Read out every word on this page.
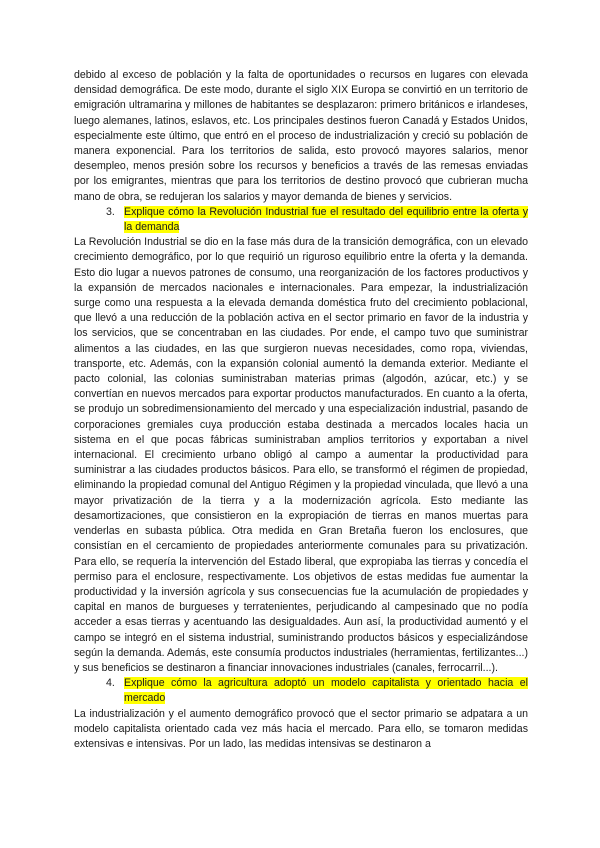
debido al exceso de población y la falta de oportunidades o recursos en lugares con elevada densidad demográfica. De este modo, durante el siglo XIX Europa se convirtió en un territorio de emigración ultramarina y millones de habitantes se desplazaron: primero británicos e irlandeses, luego alemanes, latinos, eslavos, etc. Los principales destinos fueron Canadá y Estados Unidos, especialmente este último, que entró en el proceso de industrialización y creció su población de manera exponencial. Para los territorios de salida, esto provocó mayores salarios, menor desempleo, menos presión sobre los recursos y beneficios a través de las remesas enviadas por los emigrantes, mientras que para los territorios de destino provocó que cubrieran mucha mano de obra, se redujeran los salarios y mayor demanda de bienes y servicios.

3. Explique cómo la Revolución Industrial fue el resultado del equilibrio entre la oferta y la demanda

La Revolución Industrial se dio en la fase más dura de la transición demográfica, con un elevado crecimiento demográfico, por lo que requirió un riguroso equilibrio entre la oferta y la demanda. Esto dio lugar a nuevos patrones de consumo, una reorganización de los factores productivos y la expansión de mercados nacionales e internacionales. Para empezar, la industrialización surge como una respuesta a la elevada demanda doméstica fruto del crecimiento poblacional, que llevó a una reducción de la población activa en el sector primario en favor de la industria y los servicios, que se concentraban en las ciudades. Por ende, el campo tuvo que suministrar alimentos a las ciudades, en las que surgieron nuevas necesidades, como ropa, viviendas, transporte, etc. Además, con la expansión colonial aumentó la demanda exterior. Mediante el pacto colonial, las colonias suministraban materias primas (algodón, azúcar, etc.) y se convertían en nuevos mercados para exportar productos manufacturados. En cuanto a la oferta, se produjo un sobredimensionamiento del mercado y una especialización industrial, pasando de corporaciones gremiales cuya producción estaba destinada a mercados locales hacia un sistema en el que pocas fábricas suministraban amplios territorios y exportaban a nivel internacional. El crecimiento urbano obligó al campo a aumentar la productividad para suministrar a las ciudades productos básicos. Para ello, se transformó el régimen de propiedad, eliminando la propiedad comunal del Antiguo Régimen y la propiedad vinculada, que llevó a una mayor privatización de la tierra y a la modernización agrícola. Esto mediante las desamortizaciones, que consistieron en la expropiación de tierras en manos muertas para venderlas en subasta pública. Otra medida en Gran Bretaña fueron los enclosures, que consistían en el cercamiento de propiedades anteriormente comunales para su privatización. Para ello, se requería la intervención del Estado liberal, que expropiaba las tierras y concedía el permiso para el enclosure, respectivamente. Los objetivos de estas medidas fue aumentar la productividad y la inversión agrícola y sus consecuencias fue la acumulación de propiedades y capital en manos de burgueses y terratenientes, perjudicando al campesinado que no podía acceder a esas tierras y acentuando las desigualdades. Aun así, la productividad aumentó y el campo se integró en el sistema industrial, suministrando productos básicos y especializándose según la demanda. Además, este consumía productos industriales (herramientas, fertilizantes...) y sus beneficios se destinaron a financiar innovaciones industriales (canales, ferrocarril...).

4. Explique cómo la agricultura adoptó un modelo capitalista y orientado hacia el mercado

La industrialización y el aumento demográfico provocó que el sector primario se adpatara a un modelo capitalista orientado cada vez más hacia el mercado. Para ello, se tomaron medidas extensivas e intensivas. Por un lado, las medidas intensivas se destinaron a
